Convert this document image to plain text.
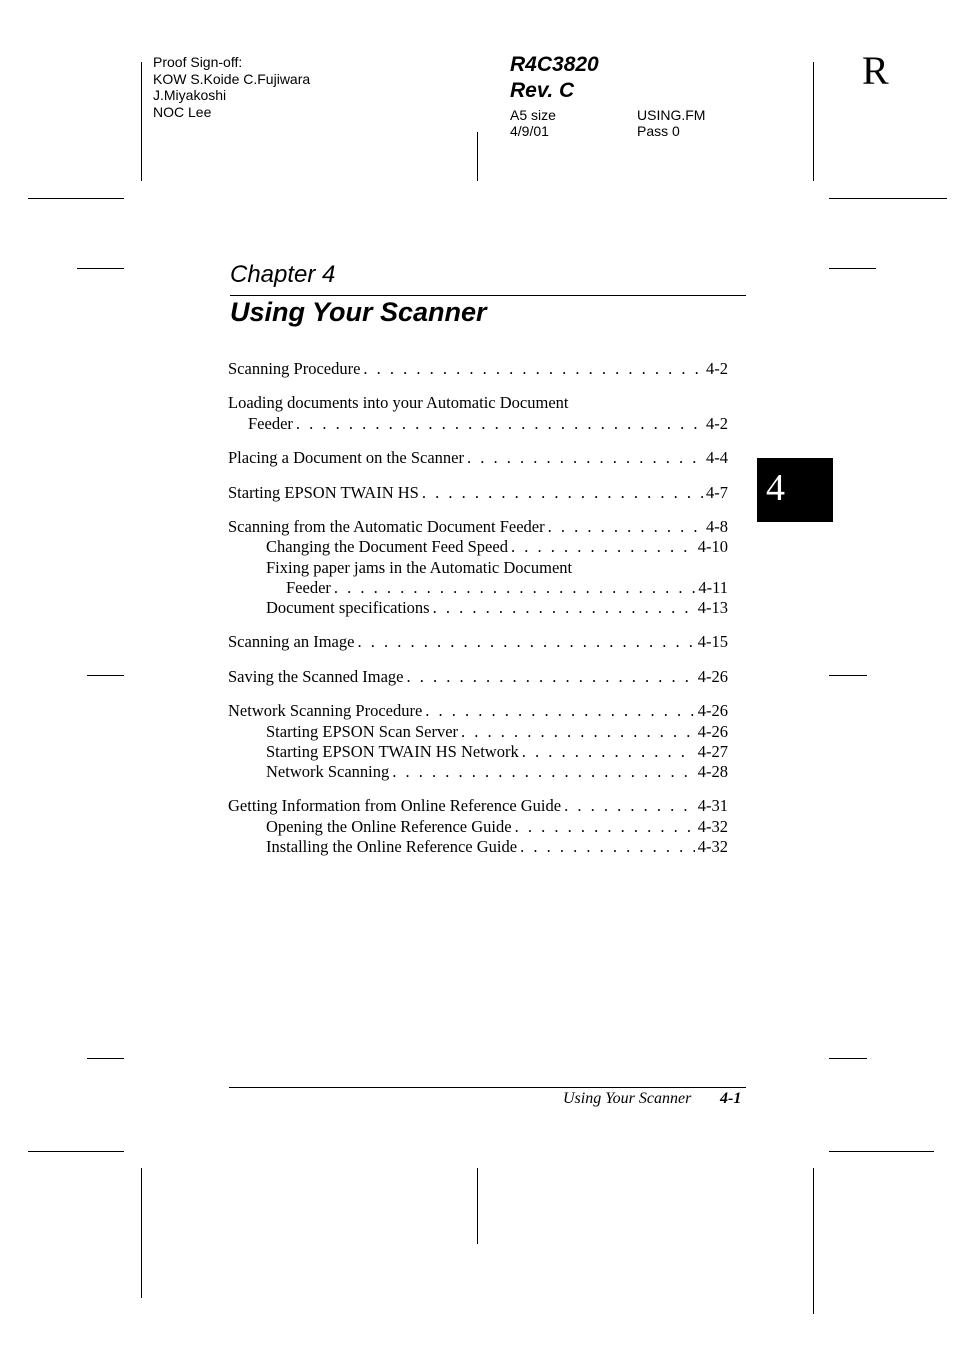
Proof Sign-off:
KOW S.Koide C.Fujiwara
J.Miyakoshi
NOC Lee
R4C3820
Rev. C
A5 size
4/9/01
USING.FM
Pass 0
R
Chapter 4
Using Your Scanner
4
Scanning Procedure . . .	4-2
Loading documents into your Automatic Document
Feeder . . .	4-2
Placing a Document on the Scanner . . .	4-4
Starting EPSON TWAIN HS . . .	4-7
Scanning from the Automatic Document Feeder . . .	4-8
Changing the Document Feed Speed . . .	4-10
Fixing paper jams in the Automatic Document
Feeder . . .	4-11
Document specifications . . .	4-13
Scanning an Image . . .	4-15
Saving the Scanned Image . . .	4-26
Network Scanning Procedure . . .	4-26
Starting EPSON Scan Server . . .	4-26
Starting EPSON TWAIN HS Network . . .	4-27
Network Scanning . . .	4-28
Getting Information from Online Reference Guide . . .	4-31
Opening the Online Reference Guide . . .	4-32
Installing the Online Reference Guide . . .	4-32
Using Your Scanner 4-1
